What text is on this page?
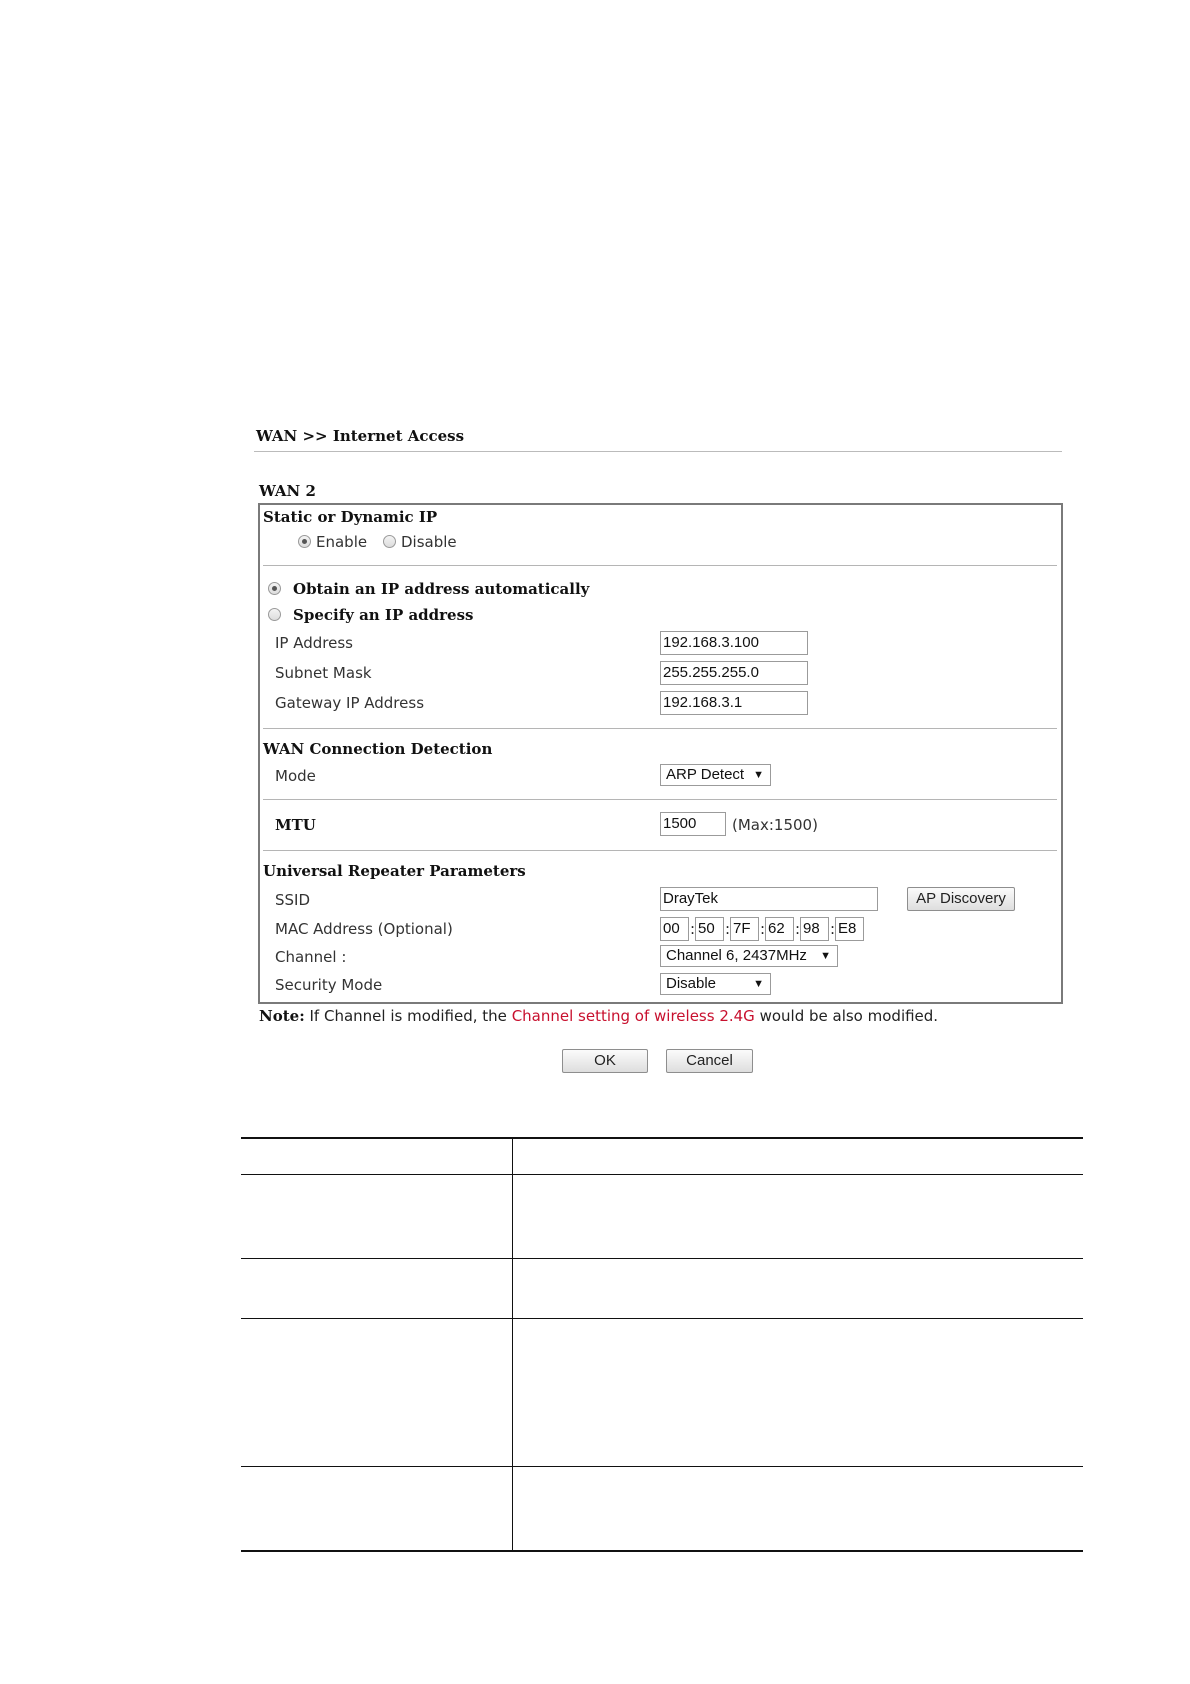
WAN >> Internet Access
WAN 2
Static or Dynamic IP
Enable Disable
Obtain an IP address automatically
Specify an IP address
IP Address	192.168.3.100
Subnet Mask	255.255.255.0
Gateway IP Address	192.168.3.1
WAN Connection Detection
Mode	ARP Detect ▼
MTU	1500	(Max:1500)
Universal Repeater Parameters
SSID	DrayTek	AP Discovery
MAC Address (Optional)	00 : 50 : 7F : 62 : 98 : E8
Channel :	Channel 6, 2437MHz ▼
Security Mode	Disable	▼
Note: If Channel is modified, the Channel setting of wireless 2.4G would be also modified.
OK	Cancel
